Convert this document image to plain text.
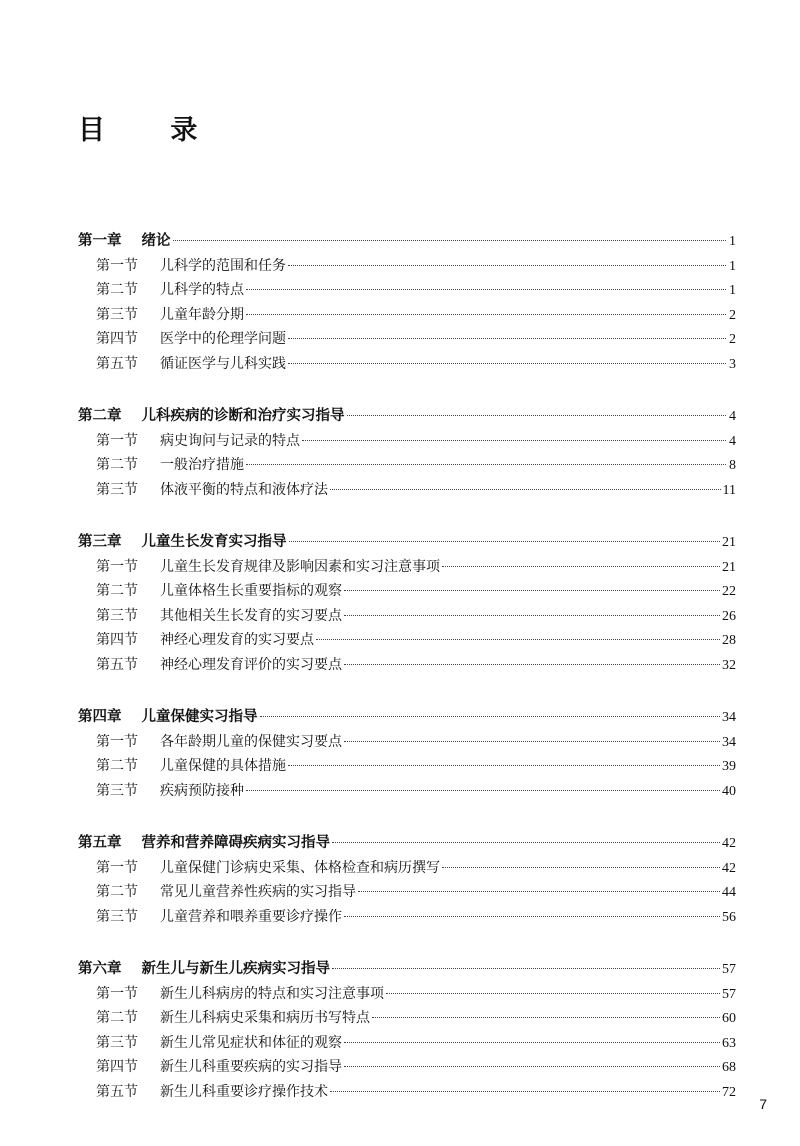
目 录
第一章 绪论	1
第一节 儿科学的范围和任务	1
第二节 儿科学的特点	1
第三节 儿童年龄分期	2
第四节 医学中的伦理学问题	2
第五节 循证医学与儿科实践	3
第二章 儿科疾病的诊断和治疗实习指导	4
第一节 病史询问与记录的特点	4
第二节 一般治疗措施	8
第三节 体液平衡的特点和液体疗法	11
第三章 儿童生长发育实习指导	21
第一节 儿童生长发育规律及影响因素和实习注意事项	21
第二节 儿童体格生长重要指标的观察	22
第三节 其他相关生长发育的实习要点	26
第四节 神经心理发育的实习要点	28
第五节 神经心理发育评价的实习要点	32
第四章 儿童保健实习指导	34
第一节 各年龄期儿童的保健实习要点	34
第二节 儿童保健的具体措施	39
第三节 疾病预防接种	40
第五章 营养和营养障碍疾病实习指导	42
第一节 儿童保健门诊病史采集、体格检查和病历撰写	42
第二节 常见儿童营养性疾病的实习指导	44
第三节 儿童营养和喂养重要诊疗操作	56
第六章 新生儿与新生儿疾病实习指导	57
第一节 新生儿科病房的特点和实习注意事项	57
第二节 新生儿科病史采集和病历书写特点	60
第三节 新生儿常见症状和体征的观察	63
第四节 新生儿科重要疾病的实习指导	68
第五节 新生儿科重要诊疗操作技术	72
7
